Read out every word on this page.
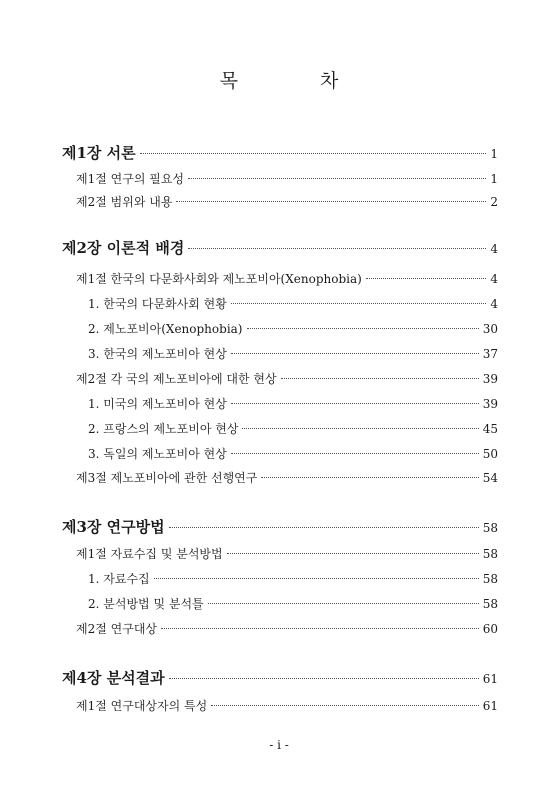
목 차
제1장 서론	1
제1절 연구의 필요성	1
제2절 범위와 내용	2
제2장 이론적 배경	4
제1절 한국의 다문화사회와 제노포비아(Xenophobia)	4
1. 한국의 다문화사회 현황	4
2. 제노포비아(Xenophobia)	30
3. 한국의 제노포비아 현상	37
제2절 각 국의 제노포비아에 대한 현상	39
1. 미국의 제노포비아 현상	39
2. 프랑스의 제노포비아 현상	45
3. 독일의 제노포비아 현상	50
제3절 제노포비아에 관한 선행연구	54
제3장 연구방법	58
제1절 자료수집 및 분석방법	58
1. 자료수집	58
2. 분석방법 및 분석틀	58
제2절 연구대상	60
제4장 분석결과	61
제1절 연구대상자의 특성	61
- i -
